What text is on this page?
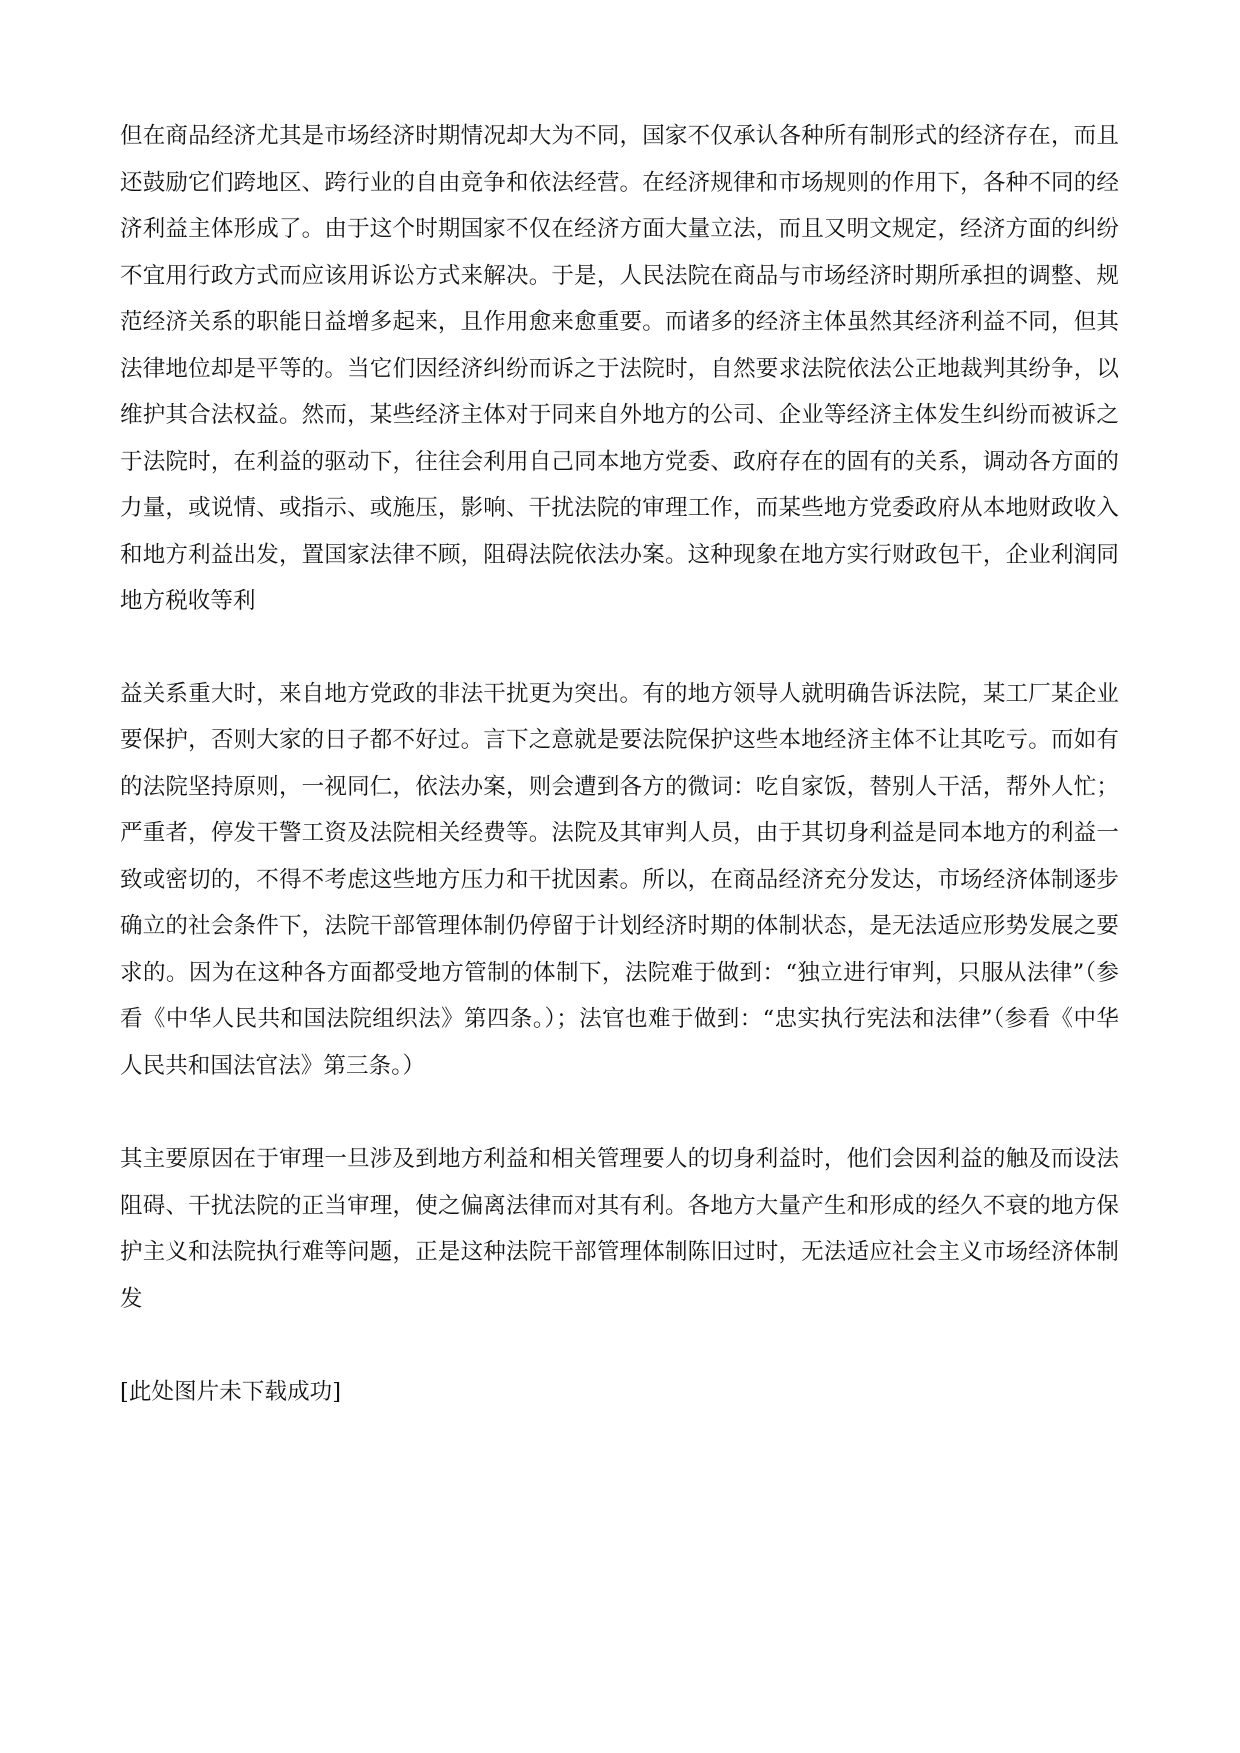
但在商品经济尤其是市场经济时期情况却大为不同，国家不仅承认各种所有制形式的经济存在，而且还鼓励它们跨地区、跨行业的自由竞争和依法经营。在经济规律和市场规则的作用下，各种不同的经济利益主体形成了。由于这个时期国家不仅在经济方面大量立法，而且又明文规定，经济方面的纠纷不宜用行政方式而应该用诉讼方式来解决。于是，人民法院在商品与市场经济时期所承担的调整、规范经济关系的职能日益增多起来，且作用愈来愈重要。而诸多的经济主体虽然其经济利益不同，但其法律地位却是平等的。当它们因经济纠纷而诉之于法院时，自然要求法院依法公正地裁判其纷争，以维护其合法权益。然而，某些经济主体对于同来自外地方的公司、企业等经济主体发生纠纷而被诉之于法院时，在利益的驱动下，往往会利用自己同本地方党委、政府存在的固有的关系，调动各方面的力量，或说情、或指示、或施压，影响、干扰法院的审理工作，而某些地方党委政府从本地财政收入和地方利益出发，置国家法律不顾，阻碍法院依法办案。这种现象在地方实行财政包干，企业利润同地方税收等利

益关系重大时，来自地方党政的非法干扰更为突出。有的地方领导人就明确告诉法院，某工厂某企业要保护，否则大家的日子都不好过。言下之意就是要法院保护这些本地经济主体不让其吃亏。而如有的法院坚持原则，一视同仁，依法办案，则会遭到各方的微词：吃自家饭，替别人干活，帮外人忙；严重者，停发干警工资及法院相关经费等。法院及其审判人员，由于其切身利益是同本地方的利益一致或密切的，不得不考虑这些地方压力和干扰因素。所以，在商品经济充分发达，市场经济体制逐步确立的社会条件下，法院干部管理体制仍停留于计划经济时期的体制状态，是无法适应形势发展之要求的。因为在这种各方面都受地方管制的体制下，法院难于做到：“独立进行审判，只服从法律”（参看《中华人民共和国法院组织法》第四条。）；法官也难于做到：“忠实执行宪法和法律”（参看《中华人民共和国法官法》第三条。）

其主要原因在于审理一旦涉及到地方利益和相关管理要人的切身利益时，他们会因利益的触及而设法阻碍、干扰法院的正当审理，使之偏离法律而对其有利。各地方大量产生和形成的经久不衰的地方保护主义和法院执行难等问题，正是这种法院干部管理体制陈旧过时，无法适应社会主义市场经济体制发

[此处图片未下载成功]
